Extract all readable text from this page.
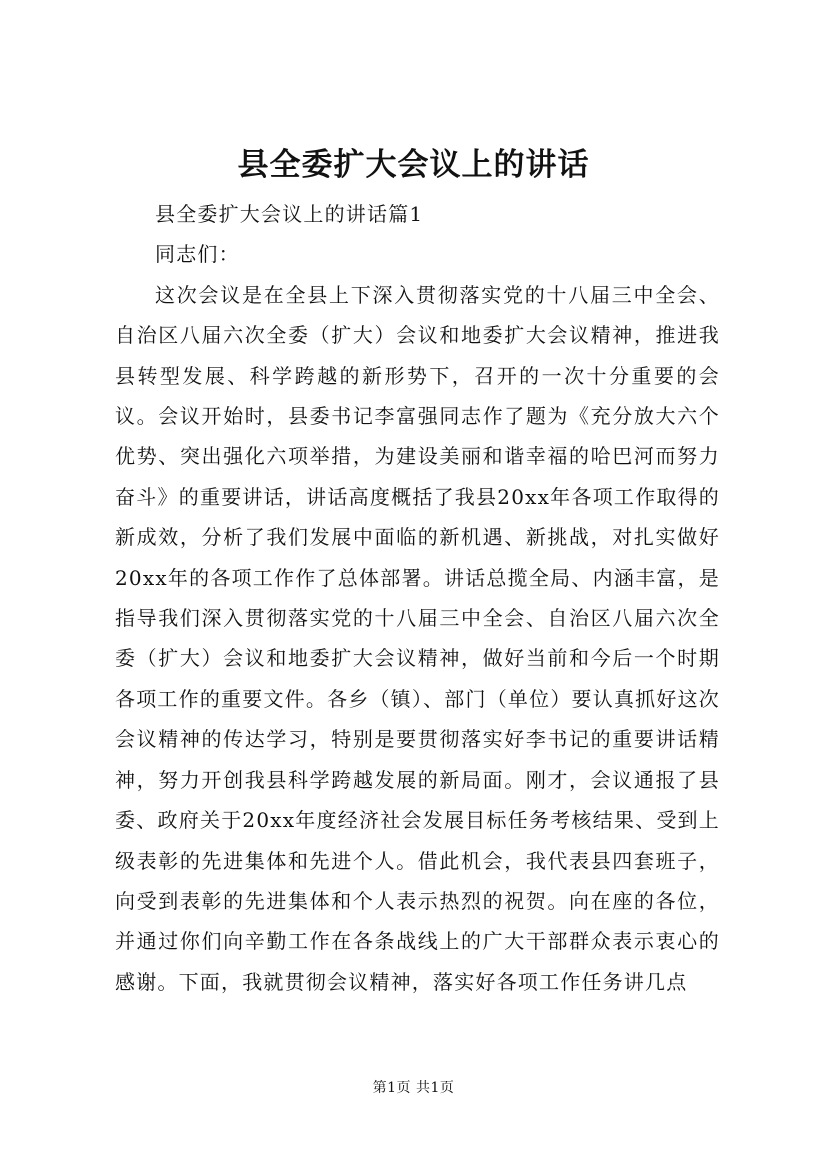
县全委扩大会议上的讲话

县全委扩大会议上的讲话篇1

同志们：

这次会议是在全县上下深入贯彻落实党的十八届三中全会、自治区八届六次全委（扩大）会议和地委扩大会议精神，推进我县转型发展、科学跨越的新形势下，召开的一次十分重要的会议。会议开始时，县委书记李富强同志作了题为《充分放大六个优势、突出强化六项举措，为建设美丽和谐幸福的哈巴河而努力奋斗》的重要讲话，讲话高度概括了我县20xx年各项工作取得的新成效，分析了我们发展中面临的新机遇、新挑战，对扎实做好20xx年的各项工作作了总体部署。讲话总揽全局、内涵丰富，是指导我们深入贯彻落实党的十八届三中全会、自治区八届六次全委（扩大）会议和地委扩大会议精神，做好当前和今后一个时期各项工作的重要文件。各乡（镇）、部门（单位）要认真抓好这次会议精神的传达学习，特别是要贯彻落实好李书记的重要讲话精神，努力开创我县科学跨越发展的新局面。刚才，会议通报了县委、政府关于20xx年度经济社会发展目标任务考核结果、受到上级表彰的先进集体和先进个人。借此机会，我代表县四套班子，向受到表彰的先进集体和个人表示热烈的祝贺。向在座的各位，并通过你们向辛勤工作在各条战线上的广大干部群众表示衷心的感谢。下面，我就贯彻会议精神，落实好各项工作任务讲几点

第1页 共1页
